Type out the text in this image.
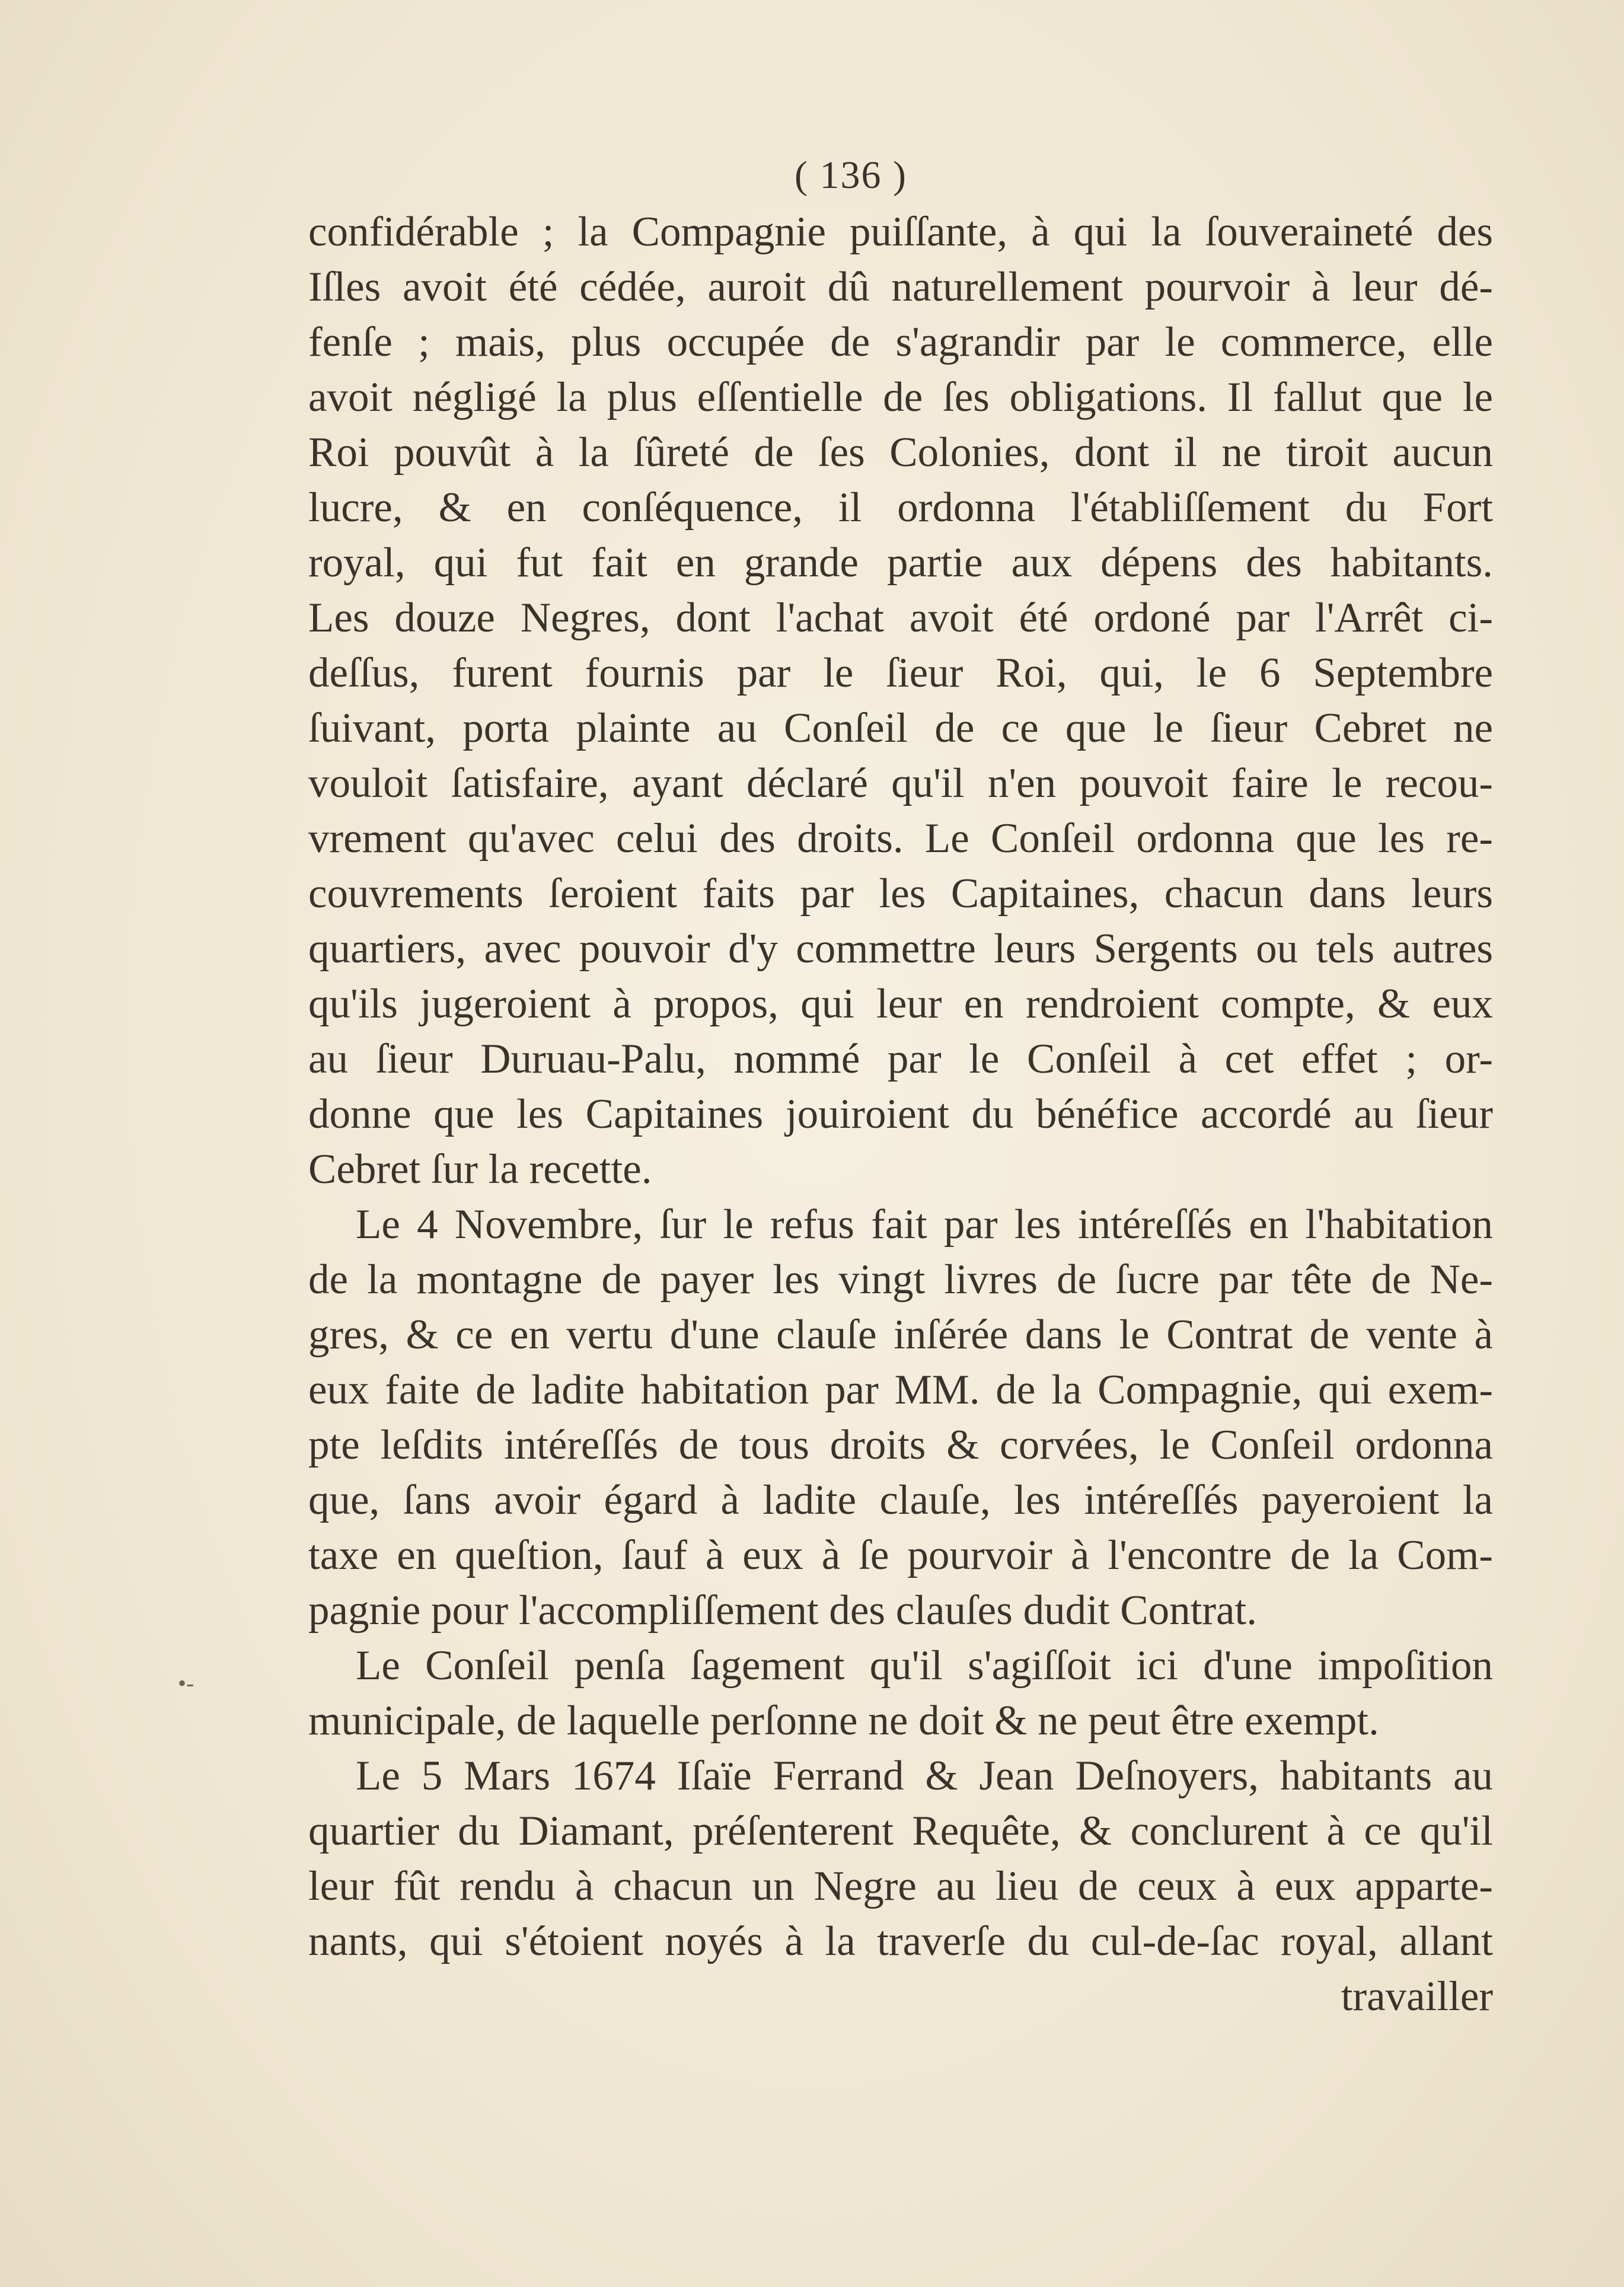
( 136 )
•-
confidérable ; la Compagnie puiſſante, à qui la ſouveraineté des
Iſles avoit été cédée, auroit dû naturellement pourvoir à leur dé-
fenſe ; mais, plus occupée de s'agrandir par le commerce, elle
avoit négligé la plus eſſentielle de ſes obligations. Il fallut que le
Roi pouvût à la ſûreté de ſes Colonies, dont il ne tiroit aucun
lucre, & en conſéquence, il ordonna l'établiſſement du Fort
royal, qui fut fait en grande partie aux dépens des habitants.
Les douze Negres, dont l'achat avoit été ordoné par l'Arrêt ci-
deſſus, furent fournis par le ſieur Roi, qui, le 6 Septembre
ſuivant, porta plainte au Conſeil de ce que le ſieur Cebret ne
vouloit ſatisfaire, ayant déclaré qu'il n'en pouvoit faire le recou-
vrement qu'avec celui des droits. Le Conſeil ordonna que les re-
couvrements ſeroient faits par les Capitaines, chacun dans leurs
quartiers, avec pouvoir d'y commettre leurs Sergents ou tels autres
qu'ils jugeroient à propos, qui leur en rendroient compte, & eux
au ſieur Duruau-Palu, nommé par le Conſeil à cet effet ; or-
donne que les Capitaines jouiroient du bénéfice accordé au ſieur
Cebret ſur la recette.
Le 4 Novembre, ſur le refus fait par les intéreſſés en l'habitation
de la montagne de payer les vingt livres de ſucre par tête de Ne-
gres, & ce en vertu d'une clauſe inſérée dans le Contrat de vente à
eux faite de ladite habitation par MM. de la Compagnie, qui exem-
pte leſdits intéreſſés de tous droits & corvées, le Conſeil ordonna
que, ſans avoir égard à ladite clauſe, les intéreſſés payeroient la
taxe en queſtion, ſauf à eux à ſe pourvoir à l'encontre de la Com-
pagnie pour l'accompliſſement des clauſes dudit Contrat.
Le Conſeil penſa ſagement qu'il s'agiſſoit ici d'une impoſition
municipale, de laquelle perſonne ne doit & ne peut être exempt.
Le 5 Mars 1674 Iſaïe Ferrand & Jean Deſnoyers, habitants au
quartier du Diamant, préſenterent Requête, & conclurent à ce qu'il
leur fût rendu à chacun un Negre au lieu de ceux à eux apparte-
nants, qui s'étoient noyés à la traverſe du cul-de-ſac royal, allant
travailler
